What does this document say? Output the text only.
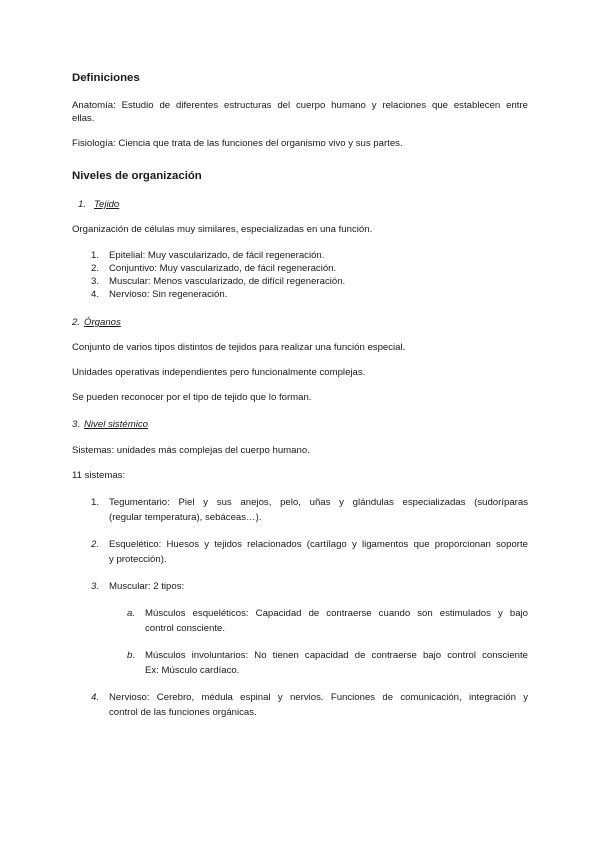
Definiciones
Anatomía: Estudio de diferentes estructuras del cuerpo humano y relaciones que establecen entre
ellas.
Fisiología: Ciencia que trata de las funciones del organismo vivo y sus partes.
Niveles de organización
1. Tejido
Organización de células muy similares, especializadas en una función.
1. Epitelial: Muy vascularizado, de fácil regeneración.
2. Conjuntivo: Muy vascularizado, de fácil regeneración.
3. Muscular: Menos vascularizado, de difícil regeneración.
4. Nervioso: Sin regeneración.
2. Órganos
Conjunto de varios tipos distintos de tejidos para realizar una función especial.
Unidades operativas independientes pero funcionalmente complejas.
Se pueden reconocer por el tipo de tejido que lo forman.
3. Nivel sistémico
Sistemas: unidades más complejas del cuerpo humano.
11 sistemas:
1. Tegumentario: Piel y sus anejos, pelo, uñas y glándulas especializadas (sudoríparas
(regular temperatura), sebáceas…).
2. Esquelético: Huesos y tejidos relacionados (cartílago y ligamentos que proporcionan soporte
y protección).
3. Muscular: 2 tipos:
a. Músculos esqueléticos: Capacidad de contraerse cuando son estimulados y bajo
control consciente.
b. Músculos involuntarios: No tienen capacidad de contraerse bajo control consciente
Ex: Músculo cardíaco.
4. Nervioso: Cerebro, médula espinal y nervios. Funciones de comunicación, integración y
control de las funciones orgánicas.
